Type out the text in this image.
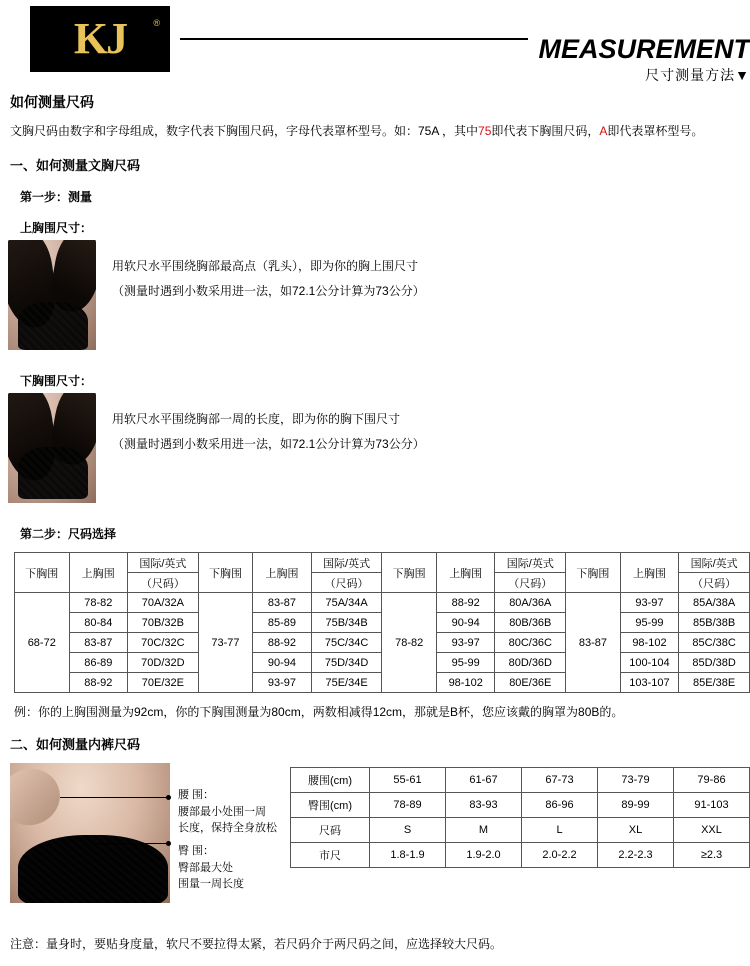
KJ	®
MEASUREMENT
尺寸测量方法▼
如何测量尺码
文胸尺码由数字和字母组成，数字代表下胸围尺码，字母代表罩杯型号。如：75A ，其中75即代表下胸围尺码，A即代表罩杯型号。
一、如何测量文胸尺码
第一步：测量
上胸围尺寸：
用软尺水平围绕胸部最高点（乳头），即为你的胸上围尺寸
（测量时遇到小数采用进一法，如72.1公分计算为73公分）
下胸围尺寸：
用软尺水平围绕胸部一周的长度，即为你的胸下围尺寸
（测量时遇到小数采用进一法，如72.1公分计算为73公分）
第二步：尺码选择
下胸围	上胸围	国际/英式	下胸围	上胸围	国际/英式	下胸围	上胸围	国际/英式	下胸围	上胸围	国际/英式
		（尺码）			（尺码）			（尺码）			（尺码）
68-72	78-82	70A/32A	73-77	83-87	75A/34A	78-82	88-92	80A/36A	83-87	93-97	85A/38A
	80-84	70B/32B		85-89	75B/34B		90-94	80B/36B		95-99	85B/38B
	83-87	70C/32C		88-92	75C/34C		93-97	80C/36C		98-102	85C/38C
	86-89	70D/32D		90-94	75D/34D		95-99	80D/36D		100-104	85D/38D
	88-92	70E/32E		93-97	75E/34E		98-102	80E/36E		103-107	85E/38E
例：你的上胸围测量为92cm，你的下胸围测量为80cm，两数相减得12cm，那就是B杯，您应该戴的胸罩为80B的。
二、如何测量内裤尺码
腰 围：
腰部最小处围一周
长度，保持全身放松
臀 围：
臀部最大处
围量一周长度
腰围(cm)	55-61	61-67	67-73	73-79	79-86
臀围(cm)	78-89	83-93	86-96	89-99	91-103
尺码	S	M	L	XL	XXL
市尺	1.8-1.9	1.9-2.0	2.0-2.2	2.2-2.3	≥2.3
注意：量身时，要贴身度量，软尺不要拉得太紧，若尺码介于两尺码之间，应选择较大尺码。
